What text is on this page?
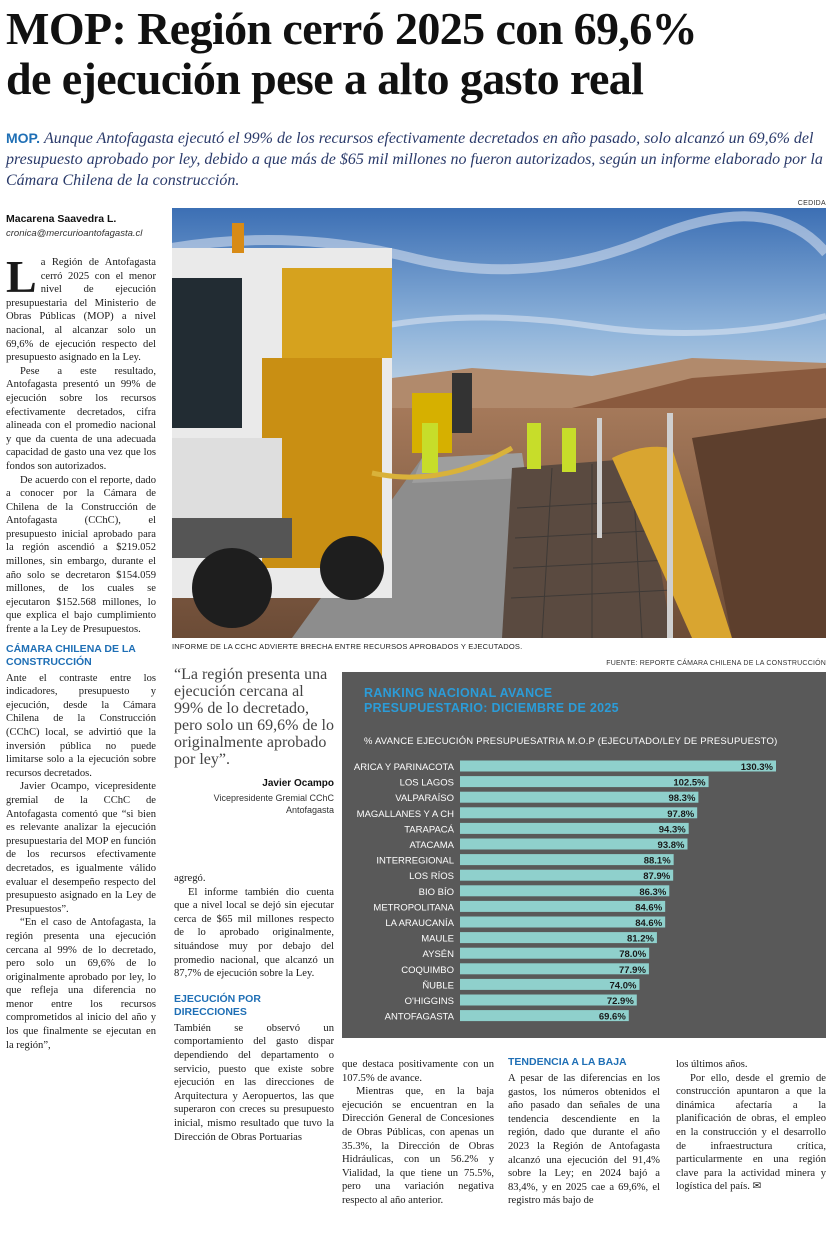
MOP: Región cerró 2025 con 69,6%
de ejecución pese a alto gasto real
MOP. Aunque Antofagasta ejecutó el 99% de los recursos efectivamente decretados en año pasado, solo alcanzó un 69,6% del presupuesto aprobado por ley, debido a que más de $65 mil millones no fueron autorizados, según un informe elaborado por la Cámara Chilena de la construcción.
CEDIDA
Macarena Saavedra L.
cronica@mercurioantofagasta.cl

La Región de Antofagasta cerró 2025 con el menor nivel de ejecución presupuestaria del Ministerio de Obras Públicas (MOP) a nivel nacional, al alcanzar solo un 69,6% de ejecución respecto del presupuesto asignado en la Ley.

Pese a este resultado, Antofagasta presentó un 99% de ejecución sobre los recursos efectivamente decretados, cifra alineada con el promedio nacional y que da cuenta de una adecuada capacidad de gasto una vez que los fondos son autorizados.

De acuerdo con el reporte, dado a conocer por la Cámara de Chilena de la Construcción de Antofagasta (CChC), el presupuesto inicial aprobado para la región ascendió a $219.052 millones, sin embargo, durante el año solo se decretaron $154.059 millones, de los cuales se ejecutaron $152.568 millones, lo que explica el bajo cumplimiento frente a la Ley de Presupuestos.

CÁMARA CHILENA DE LA CONSTRUCCIÓN

Ante el contraste entre los indicadores, presupuesto y ejecución, desde la Cámara Chilena de la Construcción (CChC) local, se advirtió que la inversión pública no puede limitarse solo a la ejecución sobre recursos decretados.

Javier Ocampo, vicepresidente gremial de la CChC de Antofagasta comentó que “si bien es relevante analizar la ejecución presupuestaria del MOP en función de los recursos efectivamente decretados, es igualmente válido evaluar el desempeño respecto del presupuesto asignado en la Ley de Presupuestos”.

“En el caso de Antofagasta, la región presenta una ejecución cercana al 99% de lo decretado, pero solo un 69,6% de lo originalmente aprobado por ley, lo que refleja una diferencia no menor entre los recursos comprometidos al inicio del año y los que finalmente se ejecutan en la región”,

INFORME DE LA CCHC ADVIERTE BRECHA ENTRE RECURSOS APROBADOS Y EJECUTADOS.
FUENTE: REPORTE CÁMARA CHILENA DE LA CONSTRUCCIÓN
“La región presenta una ejecución cercana al 99% de lo decretado, pero solo un 69,6% de lo originalmente aprobado por ley”.
Javier Ocampo
Vicepresidente Gremial CChC
Antofagasta
RANKING NACIONAL AVANCE
PRESUPUESTARIO: DICIEMBRE DE 2025
% AVANCE EJECUCIÓN PRESUPUESATRIA M.O.P (EJECUTADO/LEY DE PRESUPUESTO)
ARICA Y PARINACOTA	130.3%
LOS LAGOS	102.5%
VALPARAÍSO	98.3%
MAGALLANES Y A CH	97.8%
TARAPACÁ	94.3%
ATACAMA	93.8%
INTERREGIONAL	88.1%
LOS RÍOS	87.9%
BIO BÍO	86.3%
METROPOLITANA	84.6%
LA ARAUCANÍA	84.6%
MAULE	81.2%
AYSÉN	78.0%
COQUIMBO	77.9%
ÑUBLE	74.0%
O'HIGGINS	72.9%
ANTOFAGASTA	69.6%

agregó.

El informe también dio cuenta que a nivel local se dejó sin ejecutar cerca de $65 mil millones respecto de lo aprobado originalmente, situándose muy por debajo del promedio nacional, que alcanzó un 87,7% de ejecución sobre la Ley.

EJECUCIÓN POR DIRECCIONES

También se observó un comportamiento del gasto dispar dependiendo del departamento o servicio, puesto que existe sobre ejecución en las direcciones de Arquitectura y Aeropuertos, las que superaron con creces su presupuesto inicial, mismo resultado que tuvo la Dirección de Obras Portuarias

que destaca positivamente con un 107.5% de avance.

Mientras que, en la baja ejecución se encuentran en la Dirección General de Concesiones de Obras Públicas, con apenas un 35.3%, la Dirección de Obras Hidráulicas, con un 56.2% y Vialidad, la que tiene un 75.5%, pero una variación negativa respecto al año anterior.

TENDENCIA A LA BAJA

A pesar de las diferencias en los gastos, los números obtenidos el año pasado dan señales de una tendencia descendiente en la región, dado que durante el año 2023 la Región de Antofagasta alcanzó una ejecución del 91,4% sobre la Ley; en 2024 bajó a 83,4%, y en 2025 cae a 69,6%, el registro más bajo de

los últimos años.

Por ello, desde el gremio de construcción apuntaron a que la dinámica afectaría a la planificación de obras, el empleo en la construcción y el desarrollo de infraestructura crítica, particularmente en una región clave para la actividad minera y logística del país. ✉
